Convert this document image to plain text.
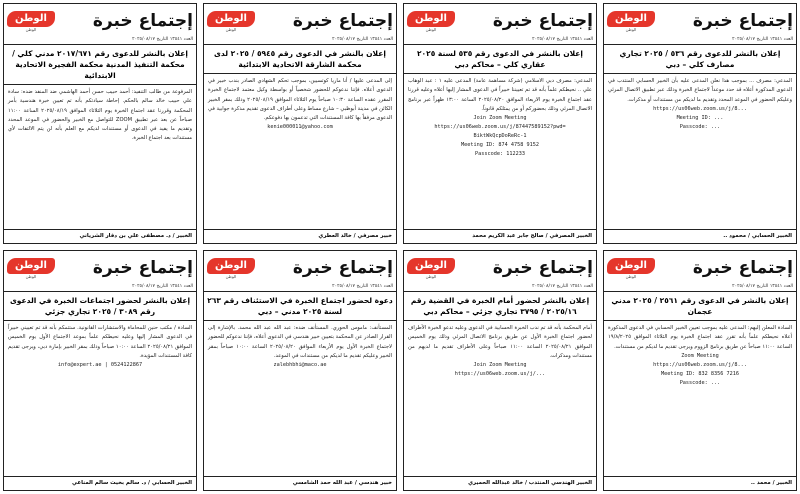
إجتماع خبرة
الوطن
الوطن
العدد ١٣٥٤١ التاريخ ٢٠٢٥/٠٨/١٧
إعلان بالنشر للدعوى رقم ٢٠١٧/٦٧١ مدني كلي / محكمة التنفيذ المدنية محكمة الفجيرة الاتحادية الابتدائية

المرفوعة من طالب التنفيذ: أحمد حبيب حسن أحمد الهاشمي ضد المنفذ ضده: سادة علي حبيب خالد سالم بالحكم. إحاطة سيادتكم بأنه تم تعيين خبرة هندسية بأمر المحكمة وقررنا عقد اجتماع الخبرة يوم الثلاثاء الموافق ٢٠٢٥/٠٨/١٩ الساعة ١١:٠٠ صباحاً عن بعد عبر تطبيق ZOOM للتواصل مع الخبير والحضور في الموعد المحدد وتقديم ما يفيد في الدعوى أو مستندات لديكم مع العلم بأنه لن يتم الالتفات لأي مستندات بعد اجتماع الخبرة.

الخبير / د. مصطفى علي بن دفار الشرياني
إجتماع خبرة
الوطن
الوطن
العدد ١٣٥٤١ التاريخ ٢٠٢٥/٠٨/١٧
إعلان بالنشر في الدعوى رقم ٥٩٤٥ / ٢٠٢٥ لدى محكمة الشارقة الاتحادية الابتدائية

إلى المدعى عليها / أنا ماريا كوتسيين، بموجب تحكم الشهادي الصادر بندب خبير في الدعوى أعلاه. فإننا ندعوكم للحضور شخصياً أو بواسطة وكيل معتمد لاجتماع الخبرة المقرر عقده الساعة ١٠:٣٠ صباحاً يوم الثلاثاء الموافق ٢٠٢٥/٠٨/١٩ وذلك بمقر الخبير الكائن في مدينة أبوظبي – شارع مساط وعلى أطراف الدعوى تقديم مذكرة جوابية في الدعوى مرفقاً بها كافة المستندات التي تدعمون بها دفوعكم.

kenie000011@yahoo.com
خبير مصرفي / خالد العطري
إجتماع خبرة
الوطن
الوطن
العدد ١٣٥٤١ التاريخ ٢٠٢٥/٠٨/١٧
إعلان بالنشر في الدعوى رقم ٥٣٥ لسنة ٢٠٢٥ عقاري كلي – محاكم دبي

المدعي: مصرف دبي الاسلامي (شركة مساهمة عامة) المدعى عليه ١ : عبد الوهاب علي .. نحيطكم علماً بأنه قد تم تعييننا خبيراً في الدعوى المشار إليها أعلاه وعليه قررنا عقد اجتماع الخبرة يوم الاربعاء الموافق ٢٠٢٥/٠٨/٢٠ الساعة ١٣:٠٠ ظهراً عبر برنامج الاتصال المرئي وذلك بحضوركم أو من يمثلكم قانوناً.

Join Zoom Meeting
https://us06web.zoom.us/j/87447589152?pwd=
BiktWkQcpDoReRc-1
Meeting ID: 874 4758 9152
Passcode: 112233
الخبير المصرفي / صالح جابر عبد الكريم محمد
إجتماع خبرة
الوطن
الوطن
العدد ١٣٥٤١ التاريخ ٢٠٢٥/٠٨/١٧
إعلان بالنشر للدعوى رقم ٥٣٦ / ٢٠٢٥ تجاري مصارف كلي – دبي

المدعي: مصرف ... بموجب هذا نعلن المدعى عليه بأن الخبير الحسابي المنتدب في الدعوى المذكورة أعلاه قد حدد موعداً لاجتماع الخبرة وذلك عبر تطبيق الاتصال المرئي وعليكم الحضور في الموعد المحدد وتقديم ما لديكم من مستندات أو مذكرات.

https://us06web.zoom.us/j/8...
Meeting ID: ...
Passcode: ...
الخبير الحسابي / محمود ..
إجتماع خبرة
الوطن
الوطن
العدد ١٣٥٤١ التاريخ ٢٠٢٥/٠٨/١٧
إعلان بالنشر لحضور اجتماعات الخبرة في الدعوى رقم ٣٠٨٩ / ٢٠٢٥ تجاري جزئي

السادة / مكتب حنين للمحاماة والاستشارات القانونية. ستتمكم بأنه قد تم تعييني خبيراً في الدعوى المشار إليها وعليه نحيطكم علماً بموعد الاجتماع الأول يوم الخميس الموافق ٢٠٢٥/٠٨/٢١ الساعة ١٠:٠٠ صباحاً وذلك بمقر الخبير بإمارة دبي، ويرجى تقديم كافة المستندات المؤيدة.

info@expert.ae | 0524122867
الخبير الحسابي / د. سالم بخيت سالم المناعي
إجتماع خبرة
الوطن
الوطن
العدد ١٣٥٤١ التاريخ ٢٠٢٥/٠٨/١٧
دعوة لحضور اجتماع الخبرة في الاستئناف رقم ٢٦٣ لسنة ٢٠٢٥ مدني – دبي

المستأنف: ماموس الحوري. المستأنف ضده: عبد الله عبد الله محمد. بالإشارة إلى القرار الصادر عن المحكمة بتعيين خبير هندسي في الدعوى أعلاه، فإننا ندعوكم للحضور لاجتماع الخبرة الأول يوم الأربعاء الموافق ٢٠٢٥/٠٨/٢٠ الساعة ١٠:٠٠ صباحاً بمقر الخبير وعليكم تقديم ما لديكم من مستندات في الموعد.

zalebhbhi@maco.ae
خبير هندسي / عبد الله حمد الشامسي
إجتماع خبرة
الوطن
الوطن
العدد ١٣٥٤١ التاريخ ٢٠٢٥/٠٨/١٧
إعلان بالنشر لحضور أمام الخبرة في القضية رقم ٢٠٢٥/١٦ / ٣٧٩٥ تجاري جزئي – محاكم دبي

أمام المحكمة بأنه قد تم ندب الخبرة الحسابية في الدعوى وعليه تدعو الخبرة الأطراف لحضور اجتماع الخبرة الأول عن طريق برنامج الاتصال المرئي وذلك يوم الخميس الموافق ٢٠٢٥/٠٨/٢١ الساعة ١١:٠٠ صباحاً وعلى الأطراف تقديم ما لديهم من مستندات ومذكرات.

Join Zoom Meeting
https://us06web.zoom.us/j/...
الخبير الهندسي المنتدب / خالد عبدالله الحميري
إجتماع خبرة
الوطن
الوطن
العدد ١٣٥٤١ التاريخ ٢٠٢٥/٠٨/١٧
إعلان بالنشر في الدعوى رقم ٢٥٦١ / ٢٠٢٥ مدني عجمان

السادة المعلن إليهم: المدعى عليه بموجب تعيين الخبير الحسابي في الدعوى المذكورة أعلاه نحيطكم علماً بأنه تقرر عقد اجتماع الخبرة يوم الثلاثاء الموافق ١٩/٨/٢٠٢٥ الساعة ١١:٠٠ صباحاً عن طريق برنامج الزووم ويرجى تقديم ما لديكم من مستندات.

Zoom Meeting
https://us06web.zoom.us/j/8...
Meeting ID: 832 8356 7216
Passcode: ...
الخبير / محمد ..
